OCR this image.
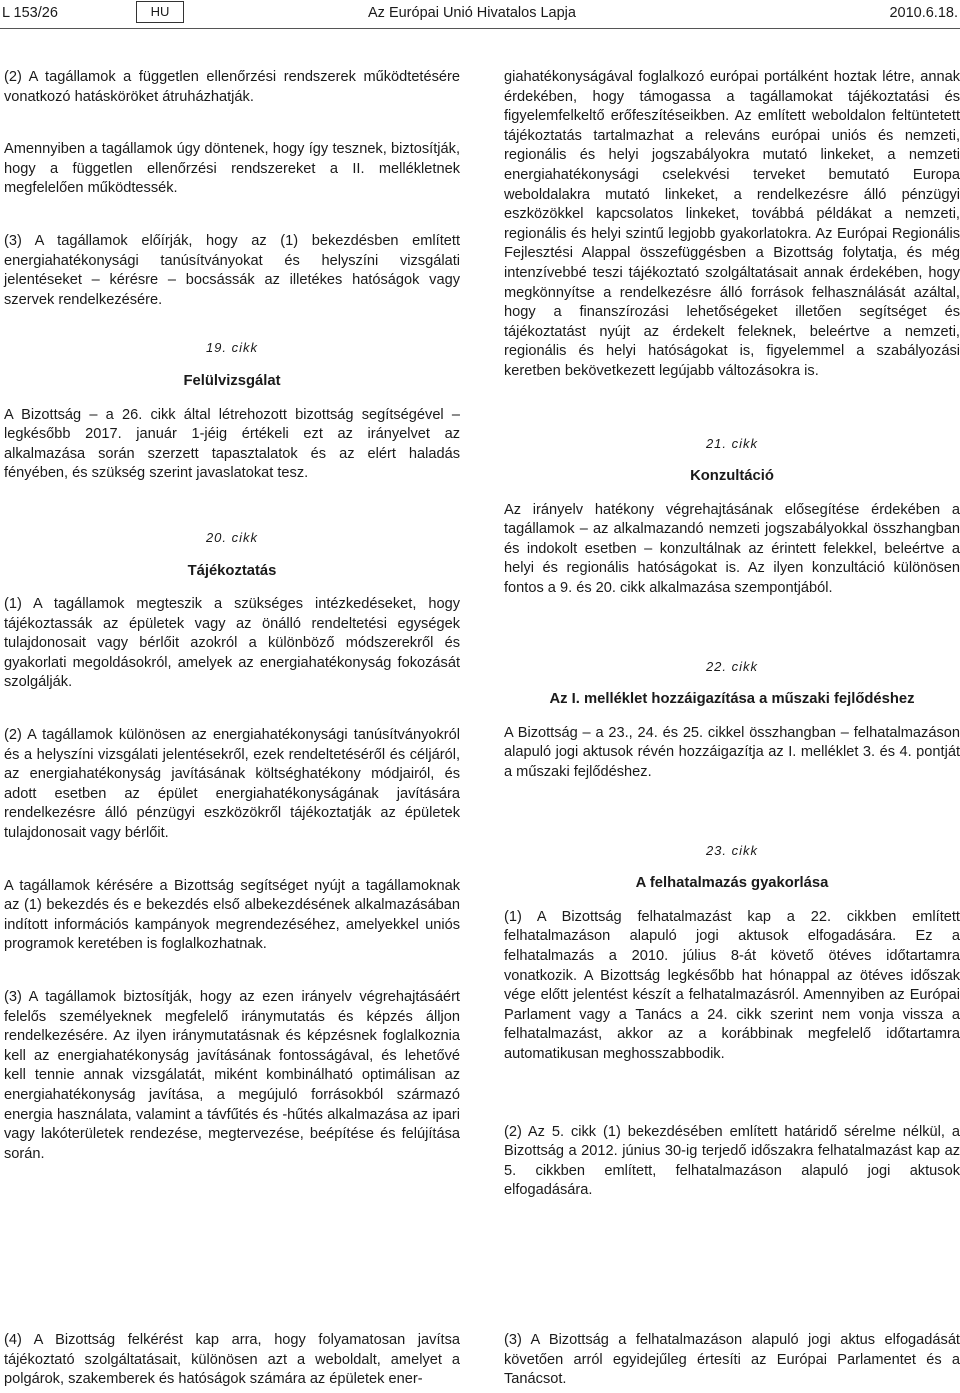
L 153/26	HU	Az Európai Unió Hivatalos Lapja	2010.6.18.

(2) A tagállamok a független ellenőrzési rendszerek működtetésére vonatkozó hatásköröket átruházhatják.

Amennyiben a tagállamok úgy döntenek, hogy így tesznek, biztosítják, hogy a független ellenőrzési rendszereket a II. mellékletnek megfelelően működtessék.

(3) A tagállamok előírják, hogy az (1) bekezdésben említett energiahatékonysági tanúsítványokat és helyszíni vizsgálati jelentéseket – kérésre – bocsássák az illetékes hatóságok vagy szervek rendelkezésére.

19. cikk
Felülvizsgálat

A Bizottság – a 26. cikk által létrehozott bizottság segítségével – legkésőbb 2017. január 1-jéig értékeli ezt az irányelvet az alkalmazása során szerzett tapasztalatok és az elért haladás fényében, és szükség szerint javaslatokat tesz.

20. cikk
Tájékoztatás

(1) A tagállamok megteszik a szükséges intézkedéseket, hogy tájékoztassák az épületek vagy az önálló rendeltetési egységek tulajdonosait vagy bérlőit azokról a különböző módszerekről és gyakorlati megoldásokról, amelyek az energiahatékonyság fokozását szolgálják.

(2) A tagállamok különösen az energiahatékonysági tanúsítványokról és a helyszíni vizsgálati jelentésekről, ezek rendeltetéséről és céljáról, az energiahatékonyság javításának költséghatékony módjairól, és adott esetben az épület energiahatékonyságának javítására rendelkezésre álló pénzügyi eszközökről tájékoztatják az épületek tulajdonosait vagy bérlőit.

A tagállamok kérésére a Bizottság segítséget nyújt a tagállamoknak az (1) bekezdés és e bekezdés első albekezdésének alkalmazásában indított információs kampányok megrendezéséhez, amelyekkel uniós programok keretében is foglalkozhatnak.

(3) A tagállamok biztosítják, hogy az ezen irányelv végrehajtásáért felelős személyeknek megfelelő iránymutatás és képzés álljon rendelkezésére. Az ilyen iránymutatásnak és képzésnek foglalkoznia kell az energiahatékonyság javításának fontosságával, és lehetővé kell tennie annak vizsgálatát, miként kombinálható optimálisan az energiahatékonyság javítása, a megújuló forrásokból származó energia használata, valamint a távfűtés és -hűtés alkalmazása az ipari vagy lakóterületek rendezése, megtervezése, beépítése és felújítása során.

giahatékonyságával foglalkozó európai portálként hoztak létre, annak érdekében, hogy támogassa a tagállamokat tájékoztatási és figyelemfelkeltő erőfeszítéseikben. Az említett weboldalon feltüntetett tájékoztatás tartalmazhat a releváns európai uniós és nemzeti, regionális és helyi jogszabályokra mutató linkeket, a nemzeti energiahatékonysági cselekvési terveket bemutató Europa weboldalakra mutató linkeket, a rendelkezésre álló pénzügyi eszközökkel kapcsolatos linkeket, továbbá példákat a nemzeti, regionális és helyi szintű legjobb gyakorlatokra. Az Európai Regionális Fejlesztési Alappal összefüggésben a Bizottság folytatja, és még intenzívebbé teszi tájékoztató szolgáltatásait annak érdekében, hogy megkönnyítse a rendelkezésre álló források felhasználását azáltal, hogy a finanszírozási lehetőségeket illetően segítséget és tájékoztatást nyújt az érdekelt feleknek, beleértve a nemzeti, regionális és helyi hatóságokat is, figyelemmel a szabályozási keretben bekövetkezett legújabb változásokra is.

21. cikk
Konzultáció

Az irányelv hatékony végrehajtásának elősegítése érdekében a tagállamok – az alkalmazandó nemzeti jogszabályokkal összhangban és indokolt esetben – konzultálnak az érintett felekkel, beleértve a helyi és regionális hatóságokat is. Az ilyen konzultáció különösen fontos a 9. és 20. cikk alkalmazása szempontjából.

22. cikk
Az I. melléklet hozzáigazítása a műszaki fejlődéshez

A Bizottság – a 23., 24. és 25. cikkel összhangban – felhatalmazáson alapuló jogi aktusok révén hozzáigazítja az I. melléklet 3. és 4. pontját a műszaki fejlődéshez.

23. cikk
A felhatalmazás gyakorlása

(1) A Bizottság felhatalmazást kap a 22. cikkben említett felhatalmazáson alapuló jogi aktusok elfogadására. Ez a felhatalmazás a 2010. július 8-át követő ötéves időtartamra vonatkozik. A Bizottság legkésőbb hat hónappal az ötéves időszak vége előtt jelentést készít a felhatalmazásról. Amennyiben az Európai Parlament vagy a Tanács a 24. cikk szerint nem vonja vissza a felhatalmazást, akkor az a korábbinak megfelelő időtartamra automatikusan meghosszabbodik.

(2) Az 5. cikk (1) bekezdésében említett határidő sérelme nélkül, a Bizottság a 2012. június 30-ig terjedő időszakra felhatalmazást kap az 5. cikkben említett, felhatalmazáson alapuló jogi aktusok elfogadására.

(4) A Bizottság felkérést kap arra, hogy folyamatosan javítsa tájékoztató szolgáltatásait, különösen azt a weboldalt, amelyet a polgárok, szakemberek és hatóságok számára az épületek ener-

(3) A Bizottság a felhatalmazáson alapuló jogi aktus elfogadását követően arról egyidejűleg értesíti az Európai Parlamentet és a Tanácsot.
